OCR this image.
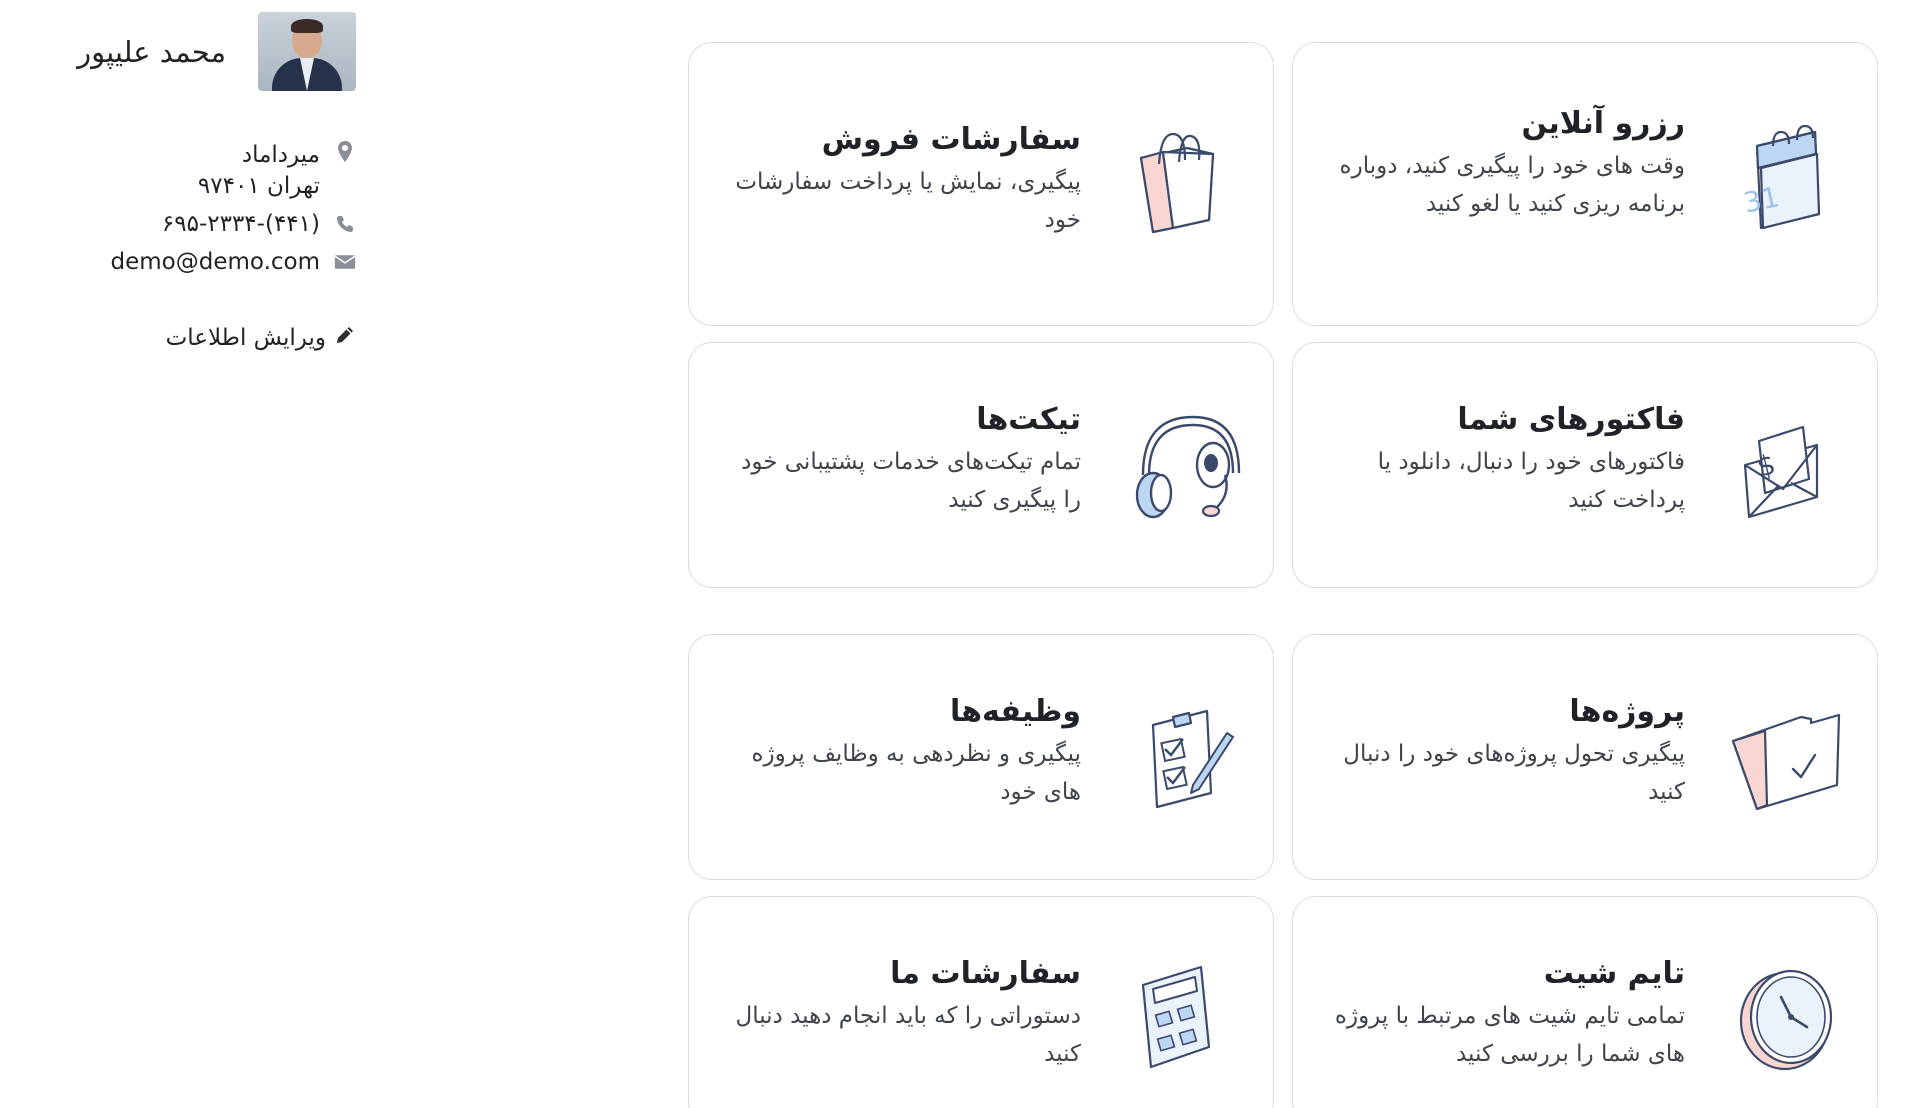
محمد علیپور
میرداماد
تهران ۹۷۴۰۱
(۴۴۱)-۶۹۵-۲۳۳۴
demo@demo.com
ویرایش اطلاعات
31
رزرو آنلاین
وقت های خود را پیگیری کنید، دوباره برنامه ریزی کنید یا لغو کنید
سفارشات فروش
پیگیری، نمایش یا پرداخت سفارشات خود
$
فاکتورهای شما
فاکتورهای خود را دنبال، دانلود یا پرداخت کنید
تیکت‌ها
تمام تیکت‌های خدمات پشتیبانی خود را پیگیری کنید
پروژه‌ها
پیگیری تحول پروژه‌های خود را دنبال کنید
وظیفه‌ها
پیگیری و نظردهی به وظایف پروژه های خود
تایم شیت
تمامی تایم شیت های مرتبط با پروژه های شما را بررسی کنید
سفارشات ما
دستوراتی را که باید انجام دهید دنبال کنید
